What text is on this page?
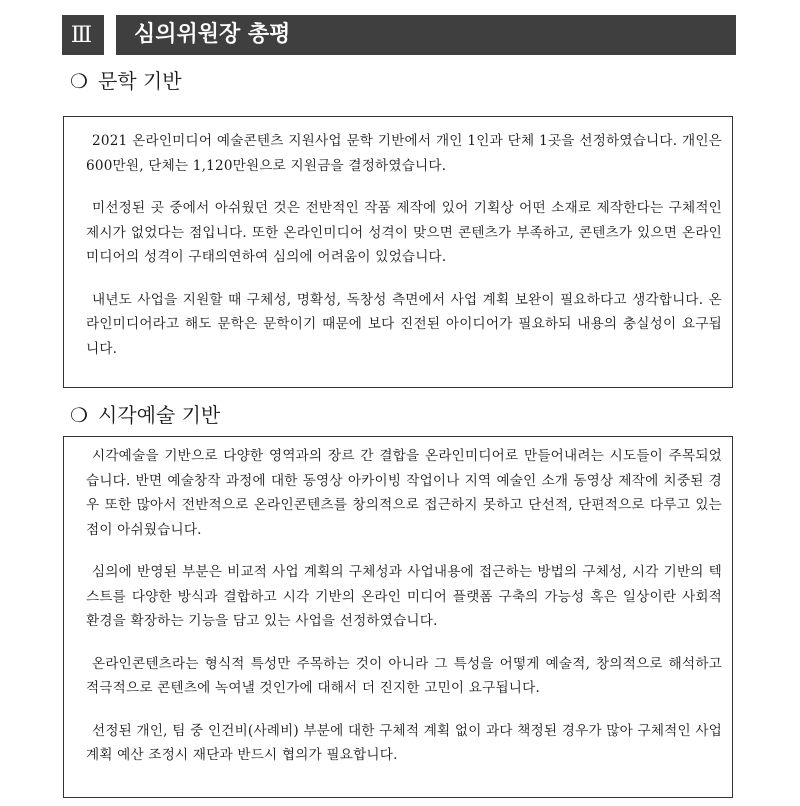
Ⅲ	심의위원장 총평
❍ 문학 기반

2021 온라인미디어 예술콘텐츠 지원사업 문학 기반에서 개인 1인과 단체 1곳을 선정하였습니다. 개인은 600만원, 단체는 1,120만원으로 지원금을 결정하였습니다.

미선정된 곳 중에서 아쉬웠던 것은 전반적인 작품 제작에 있어 기획상 어떤 소재로 제작한다는 구체적인 제시가 없었다는 점입니다. 또한 온라인미디어 성격이 맞으면 콘텐츠가 부족하고, 콘텐츠가 있으면 온라인미디어의 성격이 구태의연하여 심의에 어려움이 있었습니다.

내년도 사업을 지원할 때 구체성, 명확성, 독창성 측면에서 사업 계획 보완이 필요하다고 생각합니다. 온라인미디어라고 해도 문학은 문학이기 때문에 보다 진전된 아이디어가 필요하되 내용의 충실성이 요구됩니다.

❍ 시각예술 기반

시각예술을 기반으로 다양한 영역과의 장르 간 결합을 온라인미디어로 만들어내려는 시도들이 주목되었습니다. 반면 예술창작 과정에 대한 동영상 아카이빙 작업이나 지역 예술인 소개 동영상 제작에 치중된 경우 또한 많아서 전반적으로 온라인콘텐츠를 창의적으로 접근하지 못하고 단선적, 단편적으로 다루고 있는 점이 아쉬웠습니다.

심의에 반영된 부분은 비교적 사업 계획의 구체성과 사업내용에 접근하는 방법의 구체성, 시각 기반의 텍스트를 다양한 방식과 결합하고 시각 기반의 온라인 미디어 플랫폼 구축의 가능성 혹은 일상이란 사회적 환경을 확장하는 기능을 담고 있는 사업을 선정하였습니다.

온라인콘텐츠라는 형식적 특성만 주목하는 것이 아니라 그 특성을 어떻게 예술적, 창의적으로 해석하고 적극적으로 콘텐츠에 녹여낼 것인가에 대해서 더 진지한 고민이 요구됩니다.

선정된 개인, 팀 중 인건비(사례비) 부분에 대한 구체적 계획 없이 과다 책정된 경우가 많아 구체적인 사업 계획 예산 조정시 재단과 반드시 협의가 필요합니다.
